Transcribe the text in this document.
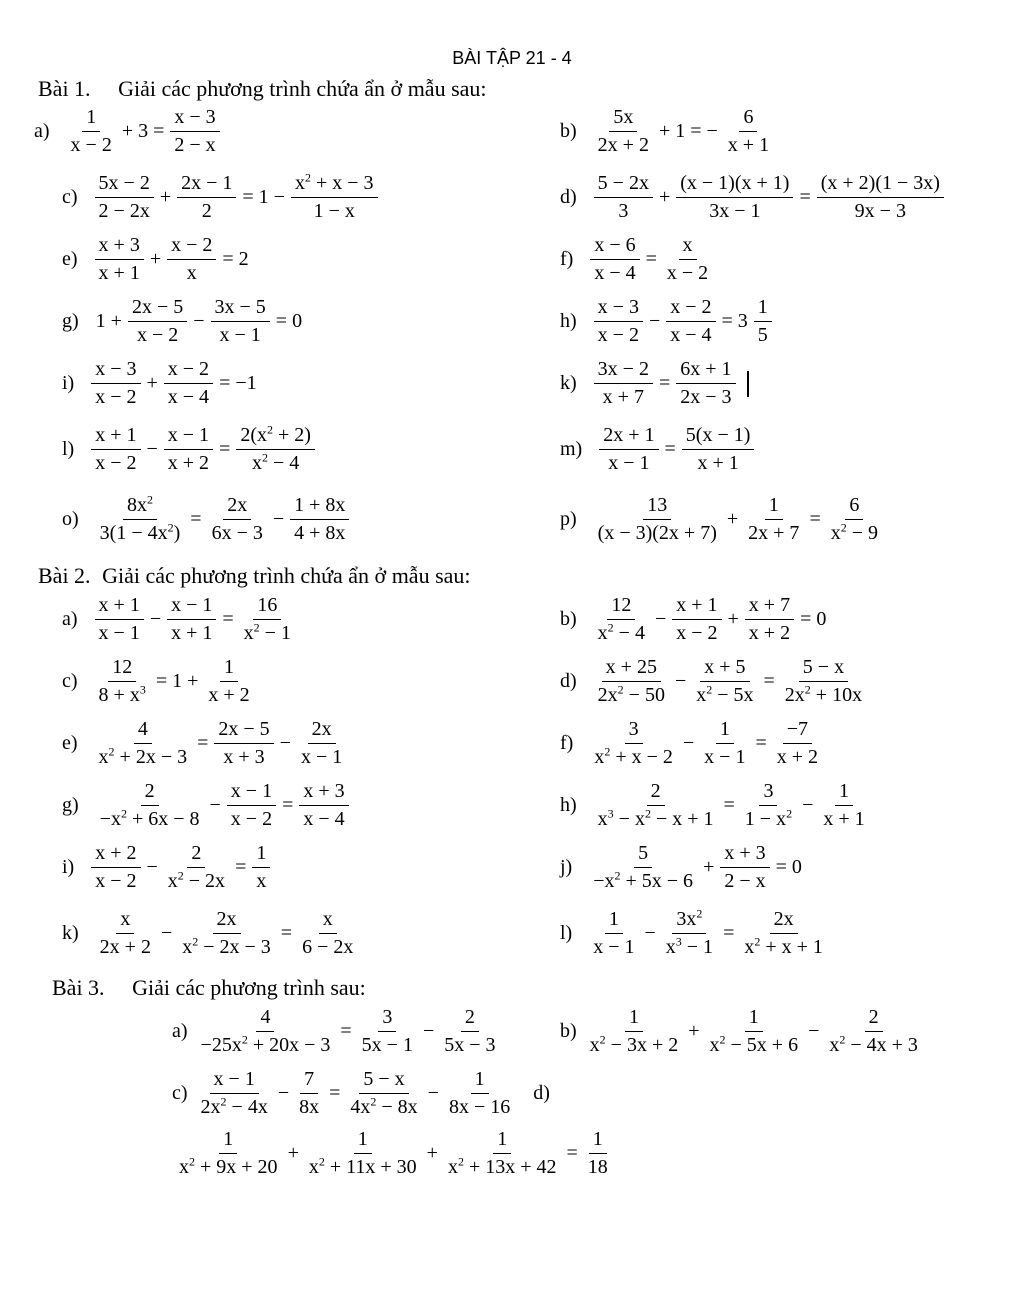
BÀI TẬP 21 - 4
Bài 1. Giải các phương trình chứa ẩn ở mẫu sau:
Bài 2. Giải các phương trình chứa ẩn ở mẫu sau:
Bài 3. Giải các phương trình sau:
$a) \frac{1}{x - 2} + 3 = \frac{x - 3}{2 - x}$	$b) \frac{5x}{2x + 2} + 1$ = − $\frac{6}{x + 1}$
$c) \frac{5x - 2}{2 - 2x} + \frac{2x - 1}{2} = 1 - \frac{x^2 + x - 3}{1 - x}$	$d) \frac{5 - 2x}{3} + \frac{(x - 1)(x + 1)}{3x - 1} = \frac{(x + 2)(1 - 3x)}{9x - 3}$
$e) \frac{x + 3}{x + 1} + \frac{x - 2}{x} = 2$	$f) \frac{x - 6}{x - 4} = \frac{x}{x - 2}$
g) $1 + \frac{2x - 5}{x - 2} - \frac{3x - 5}{x - 1} = 0$	$h) \frac{x - 3}{x - 2} - \frac{x - 2}{x - 4} = 3 \frac{1}{5}$
$i) \frac{x - 3}{x - 2} + \frac{x - 2}{x - 4} = -1$	$k) \frac{3x - 2}{x + 7} = \frac{6x + 1}{2x - 3}$
$l) \frac{x + 1}{x - 2} - \frac{x - 1}{x + 2} = \frac{2(x^2 + 2)}{x^2 - 4}$	$m) \frac{2x + 1}{x - 1} = \frac{5(x - 1)}{x + 1}$
$o) \frac{8x^2}{3(1 - 4x^2)} = \frac{2x}{6x - 3} - \frac{1 + 8x}{4 + 8x}$	$p) \frac{13}{(x - 3)(2x + 7)} + \frac{1}{2x + 7} = \frac{6}{x^2 - 9}$
$a) \frac{x + 1}{x - 1} - \frac{x - 1}{x + 1} = \frac{16}{x^2 - 1}$	$b) \frac{12}{x^2 - 4} - \frac{x + 1}{x - 2} + \frac{x + 7}{x + 2} = 0$
$c) \frac{12}{8 + x^3} = 1 + \frac{1}{x + 2}$	$d) \frac{x + 25}{2x^2 - 50} - \frac{x + 5}{x^2 - 5x} = \frac{5 - x}{2x^2 + 10x}$
$e) \frac{4}{x^2 + 2x - 3} = \frac{2x - 5}{x + 3} - \frac{2x}{x - 1}$	$f) \frac{3}{x^2 + x - 2} - \frac{1}{x - 1} = \frac{-7}{x + 2}$
$g) \frac{2}{-x^2 + 6x - 8} - \frac{x - 1}{x - 2} = \frac{x + 3}{x - 4}$	$h) \frac{2}{x^3 - x^2 - x + 1} = \frac{3}{1 - x^2} - \frac{1}{x + 1}$
$i) \frac{x + 2}{x - 2} - \frac{2}{x^2 - 2x} = \frac{1}{x}$	$j) \frac{5}{-x^2 + 5x - 6} + \frac{x + 3}{2 - x} = 0$
$k) \frac{x}{2x + 2} - \frac{2x}{x^2 - 2x - 3} = \frac{x}{6 - 2x}$	$l) \frac{1}{x - 1} - \frac{3x^2}{x^3 - 1} = \frac{2x}{x^2 + x + 1}$
$a) \frac{4}{-25x^2 + 20x - 3} = \frac{3}{5x - 1} - \frac{2}{5x - 3}$	$b) \frac{1}{x^2 - 3x + 2} + \frac{1}{x^2 - 5x + 6} - \frac{2}{x^2 - 4x + 3}$
$c) \frac{x - 1}{2x^2 - 4x} - \frac{7}{8x} = \frac{5 - x}{4x^2 - 8x} - \frac{1}{8x - 16} d$)
$\frac{1}{x^2 + 9x + 20} + \frac{1}{x^2 + 11x + 30} + \frac{1}{x^2 + 13x + 42} = \frac{1}{18}$
